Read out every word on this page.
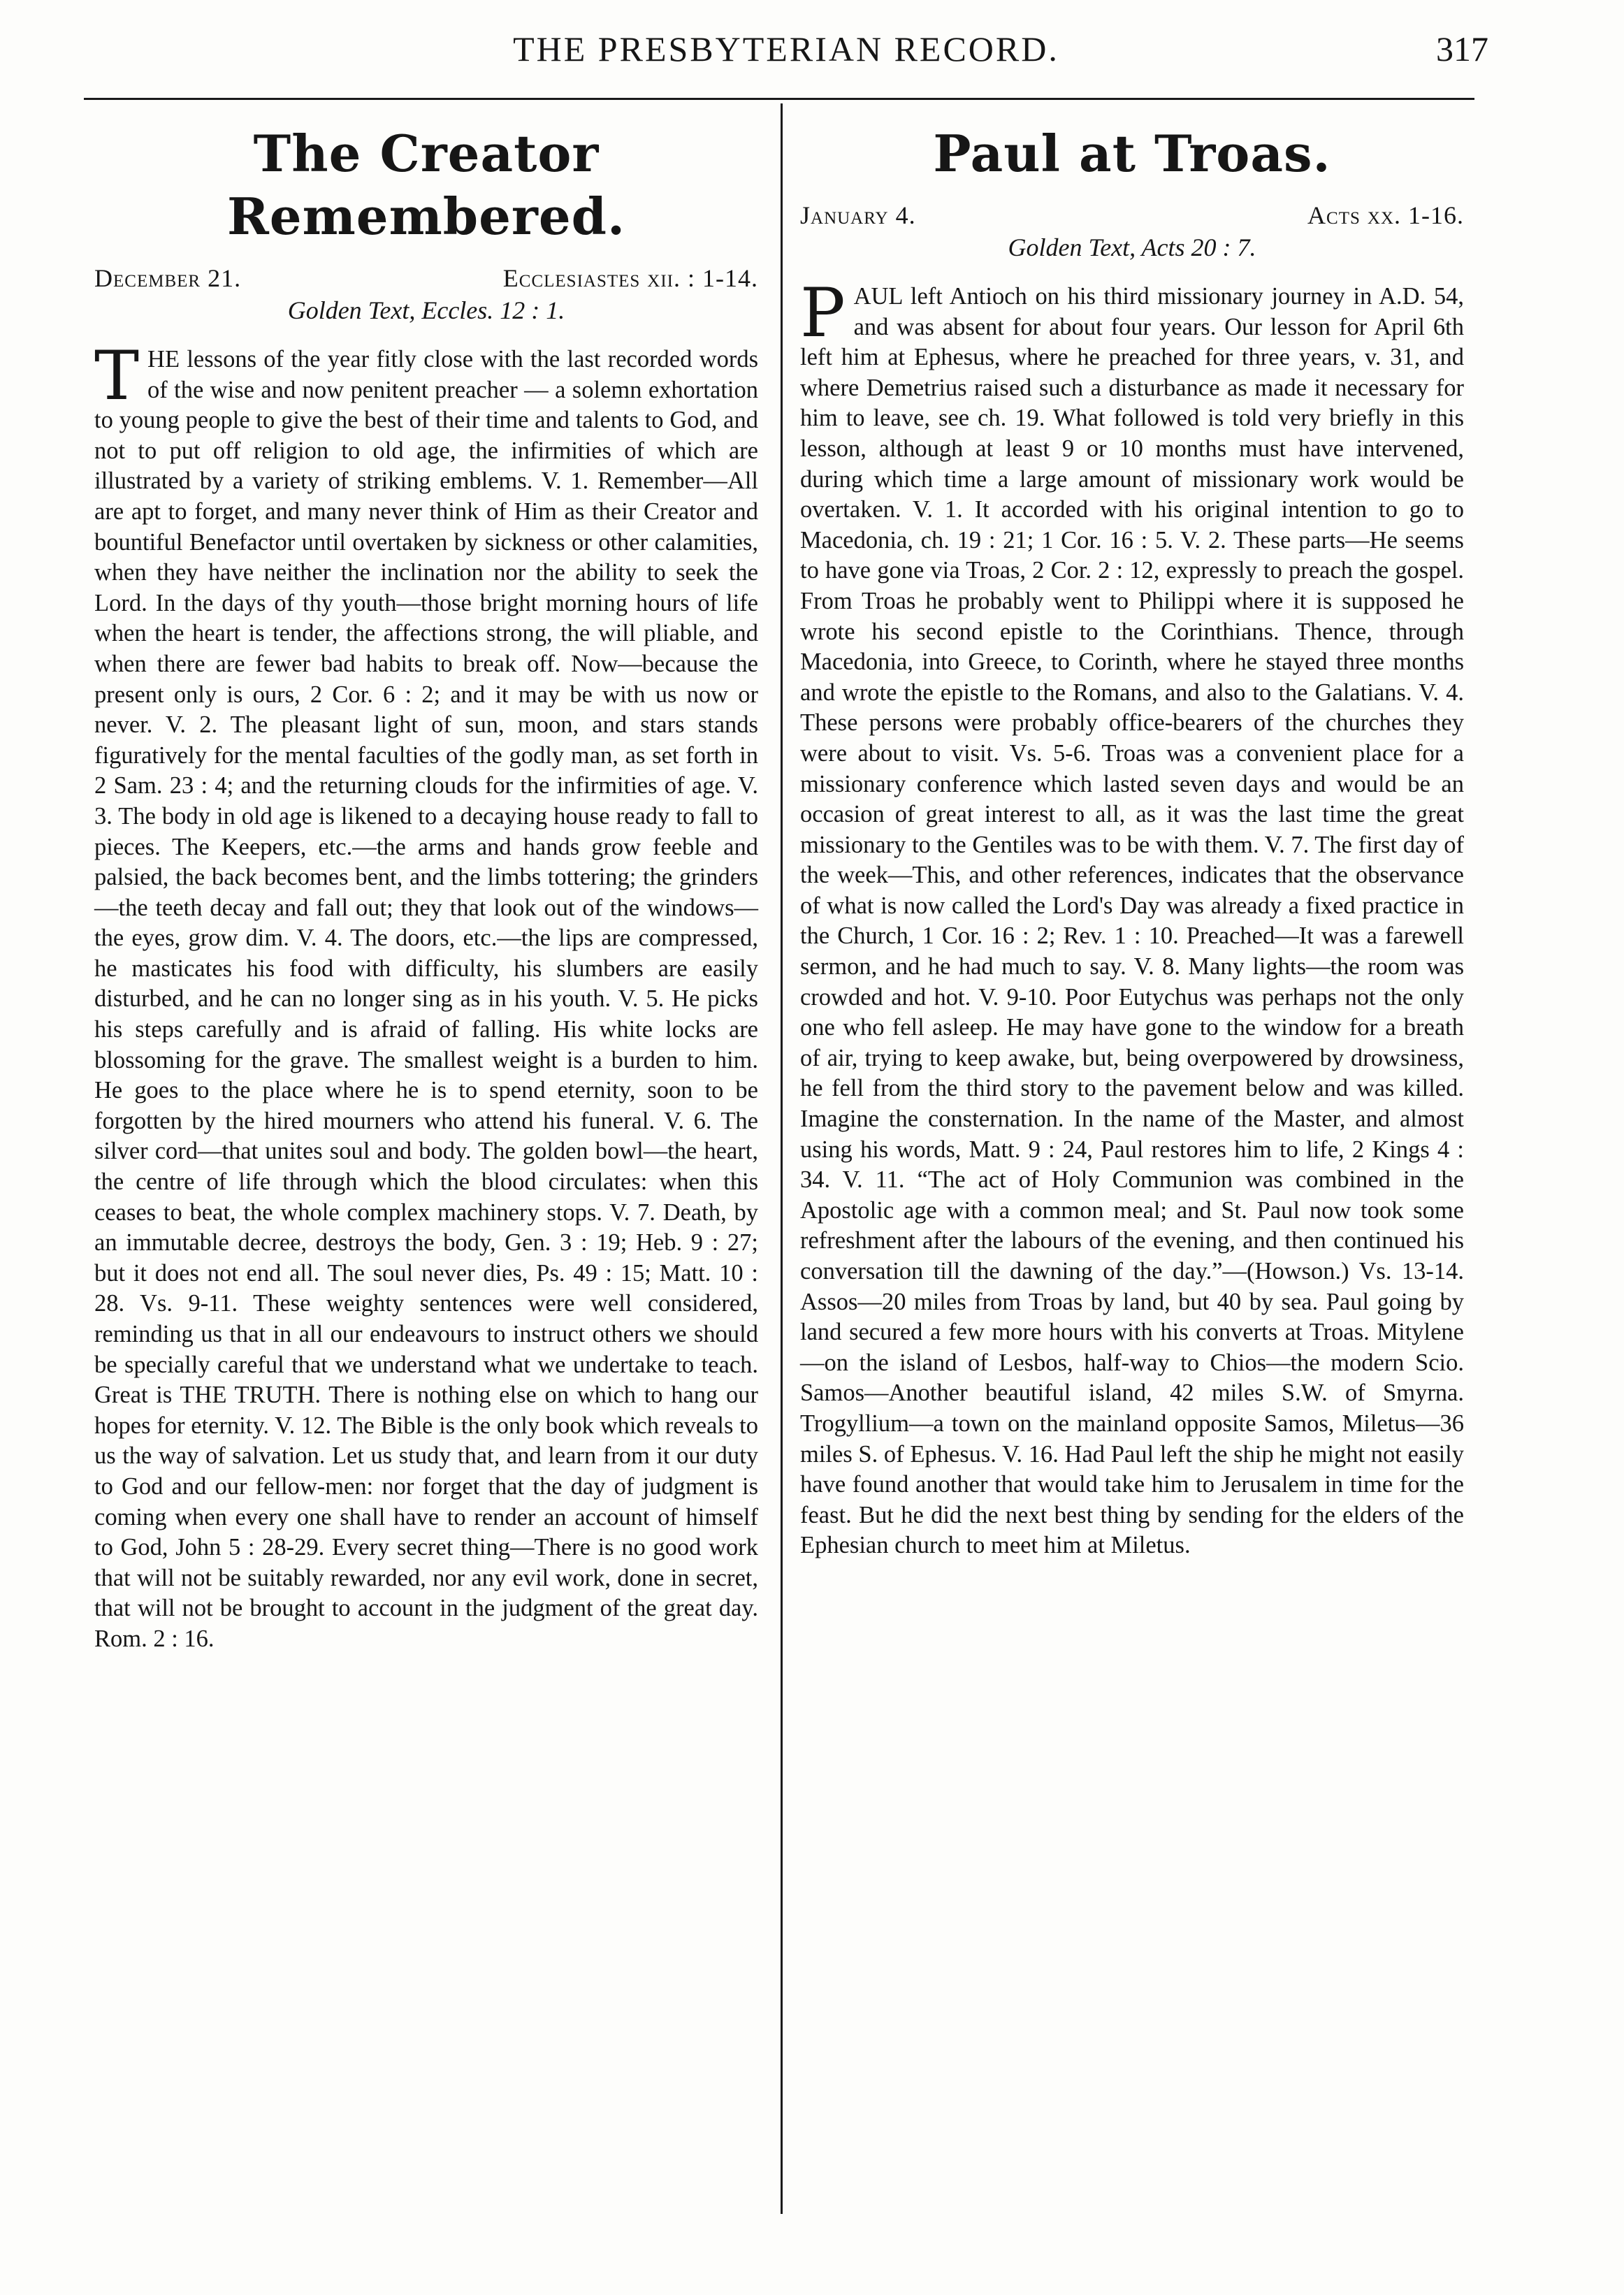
THE PRESBYTERIAN RECORD.	317
The Creator Remembered.
December 21.	Ecclesiastes xii. : 1-14.
Golden Text, Eccles. 12 : 1.

THE lessons of the year fitly close with the last recorded words of the wise and now penitent preacher — a solemn exhortation to young people to give the best of their time and talents to God, and not to put off religion to old age, the infirmities of which are illustrated by a variety of striking emblems. V. 1. Remember—All are apt to forget, and many never think of Him as their Creator and bountiful Benefactor until overtaken by sickness or other calamities, when they have neither the inclination nor the ability to seek the Lord. In the days of thy youth—those bright morning hours of life when the heart is tender, the affections strong, the will pliable, and when there are fewer bad habits to break off. Now—because the present only is ours, 2 Cor. 6 : 2; and it may be with us now or never. V. 2. The pleasant light of sun, moon, and stars stands figuratively for the mental faculties of the godly man, as set forth in 2 Sam. 23 : 4; and the returning clouds for the infirmities of age. V. 3. The body in old age is likened to a decaying house ready to fall to pieces. The Keepers, etc.—the arms and hands grow feeble and palsied, the back becomes bent, and the limbs tottering; the grinders—the teeth decay and fall out; they that look out of the windows—the eyes, grow dim. V. 4. The doors, etc.—the lips are compressed, he masticates his food with difficulty, his slumbers are easily disturbed, and he can no longer sing as in his youth. V. 5. He picks his steps carefully and is afraid of falling. His white locks are blossoming for the grave. The smallest weight is a burden to him. He goes to the place where he is to spend eternity, soon to be forgotten by the hired mourners who attend his funeral. V. 6. The silver cord—that unites soul and body. The golden bowl—the heart, the centre of life through which the blood circulates: when this ceases to beat, the whole complex machinery stops. V. 7. Death, by an immutable decree, destroys the body, Gen. 3 : 19; Heb. 9 : 27; but it does not end all. The soul never dies, Ps. 49 : 15; Matt. 10 : 28. Vs. 9-11. These weighty sentences were well considered, reminding us that in all our endeavours to instruct others we should be specially careful that we understand what we undertake to teach. Great is THE TRUTH. There is nothing else on which to hang our hopes for eternity. V. 12. The Bible is the only book which reveals to us the way of salvation. Let us study that, and learn from it our duty to God and our fellow-men: nor forget that the day of judgment is coming when every one shall have to render an account of himself to God, John 5 : 28-29. Every secret thing—There is no good work that will not be suitably rewarded, nor any evil work, done in secret, that will not be brought to account in the judgment of the great day. Rom. 2 : 16.

Paul at Troas.
January 4.	Acts xx. 1-16.
Golden Text, Acts 20 : 7.

PAUL left Antioch on his third missionary journey in A.D. 54, and was absent for about four years. Our lesson for April 6th left him at Ephesus, where he preached for three years, v. 31, and where Demetrius raised such a disturbance as made it necessary for him to leave, see ch. 19. What followed is told very briefly in this lesson, although at least 9 or 10 months must have intervened, during which time a large amount of missionary work would be overtaken. V. 1. It accorded with his original intention to go to Macedonia, ch. 19 : 21; 1 Cor. 16 : 5. V. 2. These parts—He seems to have gone via Troas, 2 Cor. 2 : 12, expressly to preach the gospel. From Troas he probably went to Philippi where it is supposed he wrote his second epistle to the Corinthians. Thence, through Macedonia, into Greece, to Corinth, where he stayed three months and wrote the epistle to the Romans, and also to the Galatians. V. 4. These persons were probably office-bearers of the churches they were about to visit. Vs. 5-6. Troas was a convenient place for a missionary conference which lasted seven days and would be an occasion of great interest to all, as it was the last time the great missionary to the Gentiles was to be with them. V. 7. The first day of the week—This, and other references, indicates that the observance of what is now called the Lord's Day was already a fixed practice in the Church, 1 Cor. 16 : 2; Rev. 1 : 10. Preached—It was a farewell sermon, and he had much to say. V. 8. Many lights—the room was crowded and hot. V. 9-10. Poor Eutychus was perhaps not the only one who fell asleep. He may have gone to the window for a breath of air, trying to keep awake, but, being overpowered by drowsiness, he fell from the third story to the pavement below and was killed. Imagine the consternation. In the name of the Master, and almost using his words, Matt. 9 : 24, Paul restores him to life, 2 Kings 4 : 34. V. 11. “The act of Holy Communion was combined in the Apostolic age with a common meal; and St. Paul now took some refreshment after the labours of the evening, and then continued his conversation till the dawning of the day.”—(Howson.) Vs. 13-14. Assos—20 miles from Troas by land, but 40 by sea. Paul going by land secured a few more hours with his converts at Troas. Mitylene—on the island of Lesbos, half-way to Chios—the modern Scio. Samos—Another beautiful island, 42 miles S.W. of Smyrna. Trogyllium—a town on the mainland opposite Samos, Miletus—36 miles S. of Ephesus. V. 16. Had Paul left the ship he might not easily have found another that would take him to Jerusalem in time for the feast. But he did the next best thing by sending for the elders of the Ephesian church to meet him at Miletus.
